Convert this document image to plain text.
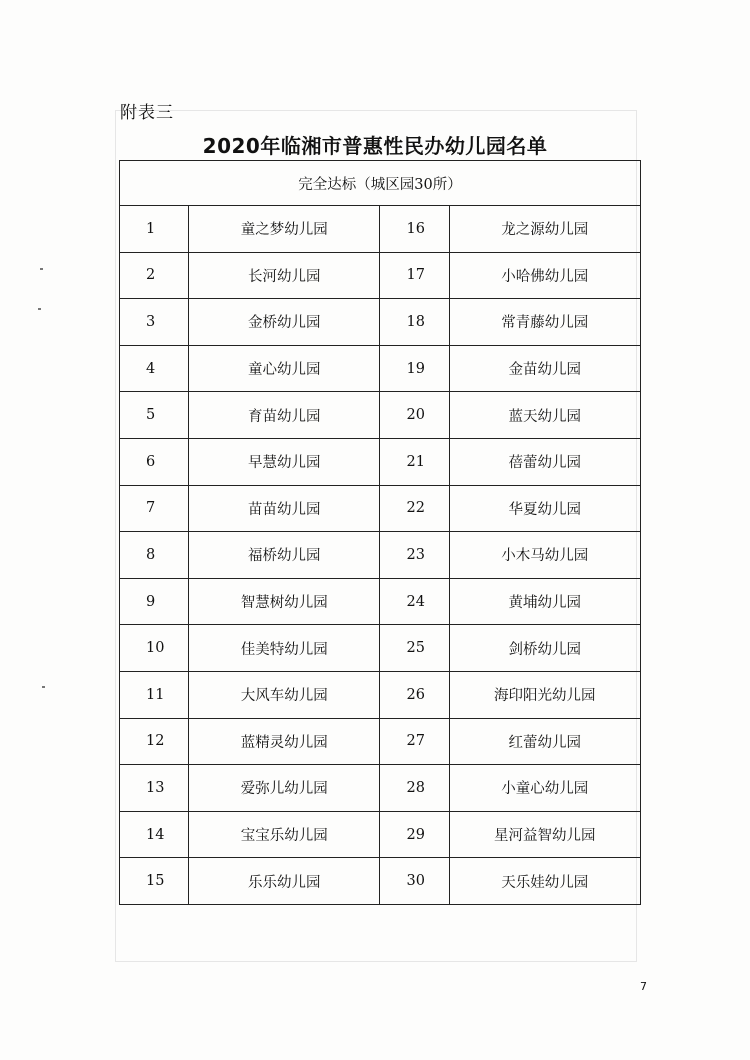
附表三
2020年临湘市普惠性民办幼儿园名单
完全达标（城区园30所）			
1	童之梦幼儿园	16	龙之源幼儿园
2	长河幼儿园	17	小哈佛幼儿园
3	金桥幼儿园	18	常青藤幼儿园
4	童心幼儿园	19	金苗幼儿园
5	育苗幼儿园	20	蓝天幼儿园
6	早慧幼儿园	21	蓓蕾幼儿园
7	苗苗幼儿园	22	华夏幼儿园
8	福桥幼儿园	23	小木马幼儿园
9	智慧树幼儿园	24	黄埔幼儿园
10	佳美特幼儿园	25	剑桥幼儿园
11	大风车幼儿园	26	海印阳光幼儿园
12	蓝精灵幼儿园	27	红蕾幼儿园
13	爱弥儿幼儿园	28	小童心幼儿园
14	宝宝乐幼儿园	29	星河益智幼儿园
15	乐乐幼儿园	30	天乐娃幼儿园
7
